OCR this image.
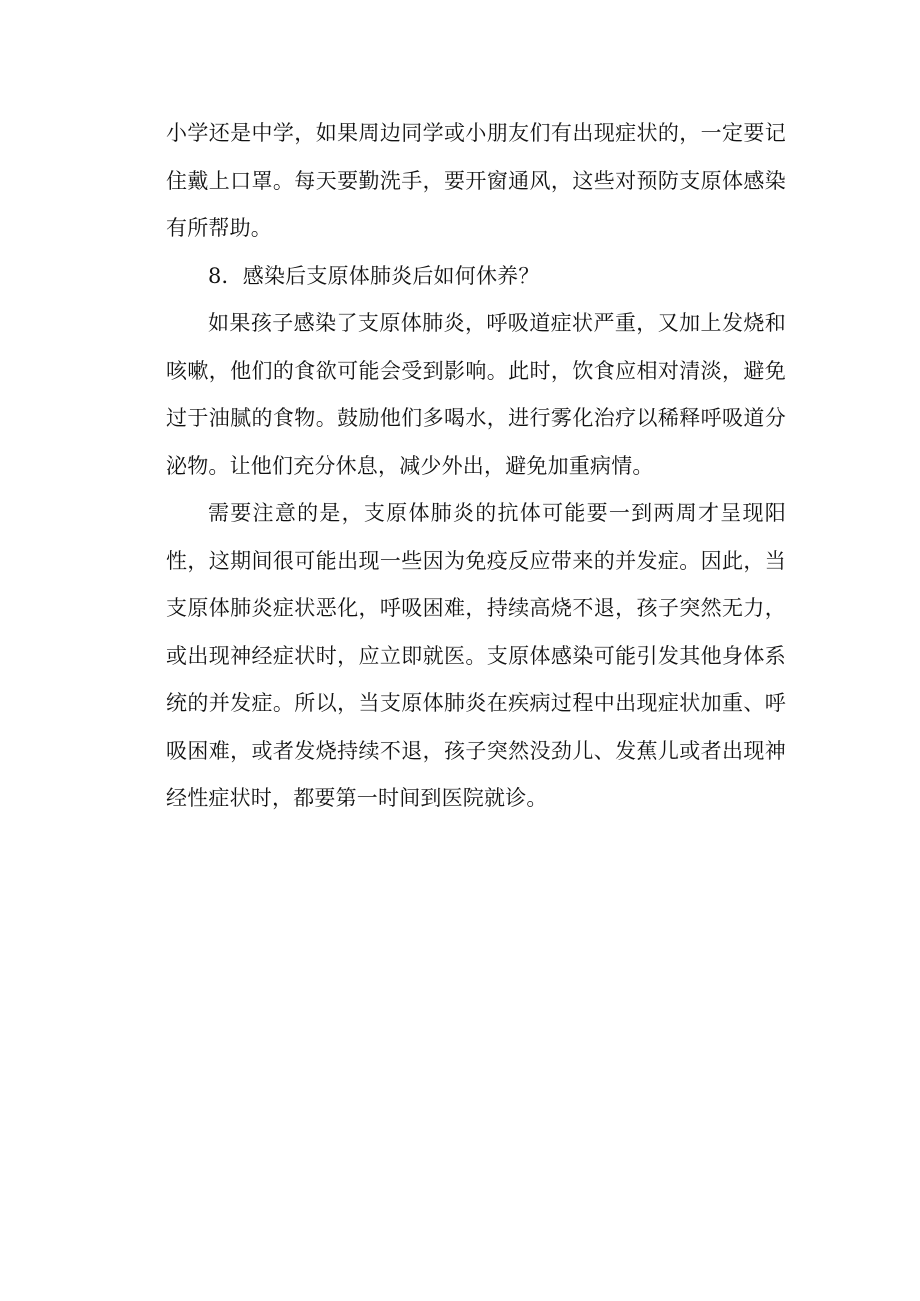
小学还是中学，如果周边同学或小朋友们有出现症状的，一定要记住戴上口罩。每天要勤洗手，要开窗通风，这些对预防支原体感染有所帮助。

8．感染后支原体肺炎后如何休养？

如果孩子感染了支原体肺炎，呼吸道症状严重，又加上发烧和咳嗽，他们的食欲可能会受到影响。此时，饮食应相对清淡，避免过于油腻的食物。鼓励他们多喝水，进行雾化治疗以稀释呼吸道分泌物。让他们充分休息，减少外出，避免加重病情。

需要注意的是，支原体肺炎的抗体可能要一到两周才呈现阳性，这期间很可能出现一些因为免疫反应带来的并发症。因此，当支原体肺炎症状恶化，呼吸困难，持续高烧不退，孩子突然无力，或出现神经症状时，应立即就医。支原体感染可能引发其他身体系统的并发症。所以，当支原体肺炎在疾病过程中出现症状加重、呼吸困难，或者发烧持续不退，孩子突然没劲儿、发蕉儿或者出现神经性症状时，都要第一时间到医院就诊。
